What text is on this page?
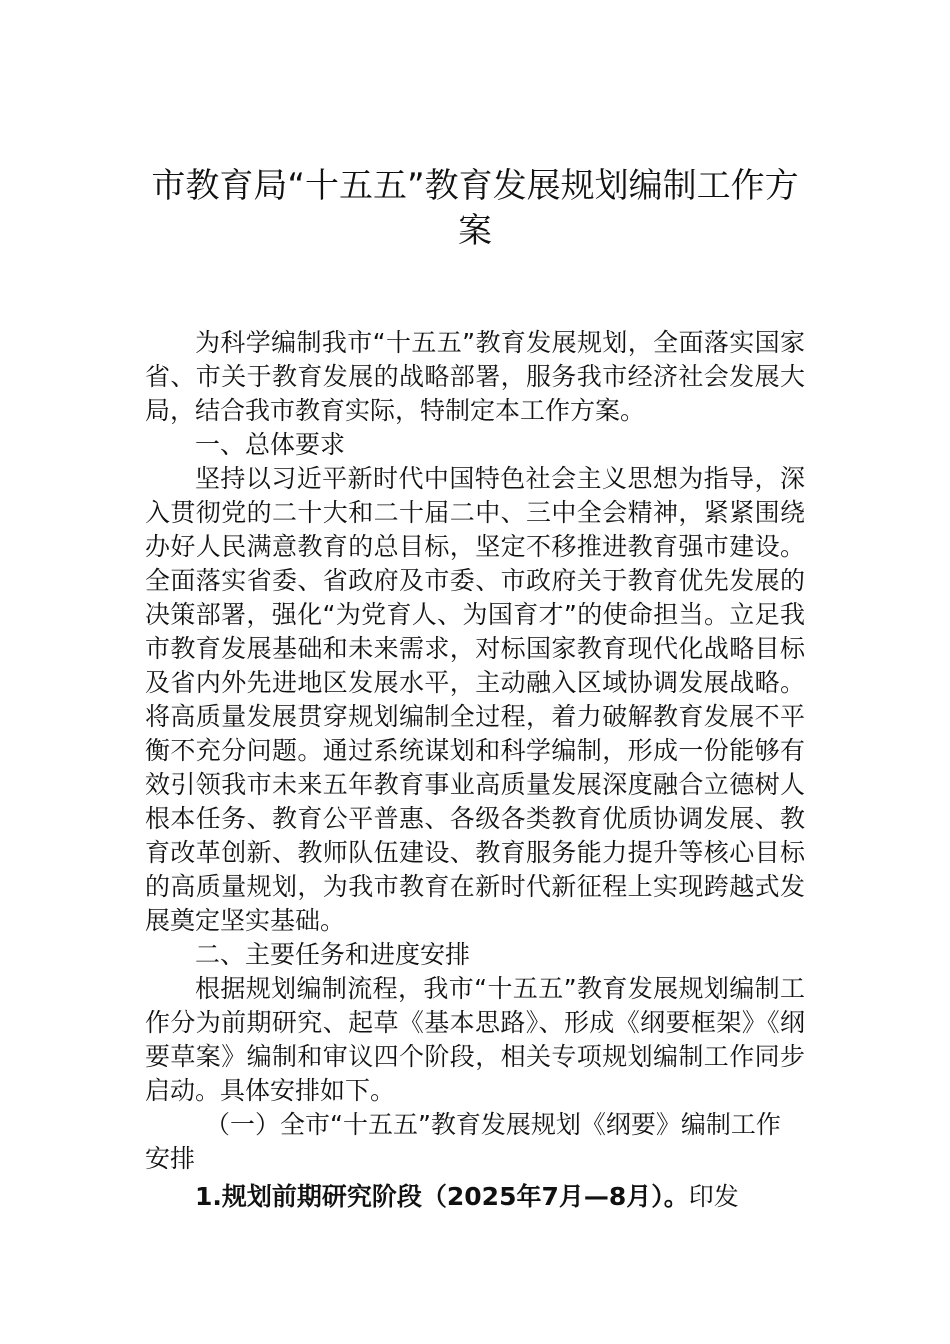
市教育局“十五五”教育发展规划编制工作方
案

为科学编制我市“十五五”教育发展规划，全面落实国家省、市关于教育发展的战略部署，服务我市经济社会发展大局，结合我市教育实际，特制定本工作方案。

一、总体要求

坚持以习近平新时代中国特色社会主义思想为指导，深入贯彻党的二十大和二十届二中、三中全会精神，紧紧围绕办好人民满意教育的总目标，坚定不移推进教育强市建设。全面落实省委、省政府及市委、市政府关于教育优先发展的决策部署，强化“为党育人、为国育才”的使命担当。立足我市教育发展基础和未来需求，对标国家教育现代化战略目标及省内外先进地区发展水平，主动融入区域协调发展战略。将高质量发展贯穿规划编制全过程，着力破解教育发展不平衡不充分问题。通过系统谋划和科学编制，形成一份能够有效引领我市未来五年教育事业高质量发展深度融合立德树人根本任务、教育公平普惠、各级各类教育优质协调发展、教育改革创新、教师队伍建设、教育服务能力提升等核心目标的高质量规划，为我市教育在新时代新征程上实现跨越式发展奠定坚实基础。

二、主要任务和进度安排

根据规划编制流程，我市“十五五”教育发展规划编制工作分为前期研究、起草《基本思路》、形成《纲要框架》《纲要草案》编制和审议四个阶段，相关专项规划编制工作同步启动。具体安排如下。

（一）全市“十五五”教育发展规划《纲要》编制工作安排

1.规划前期研究阶段（2025年7月—8月）。印发
